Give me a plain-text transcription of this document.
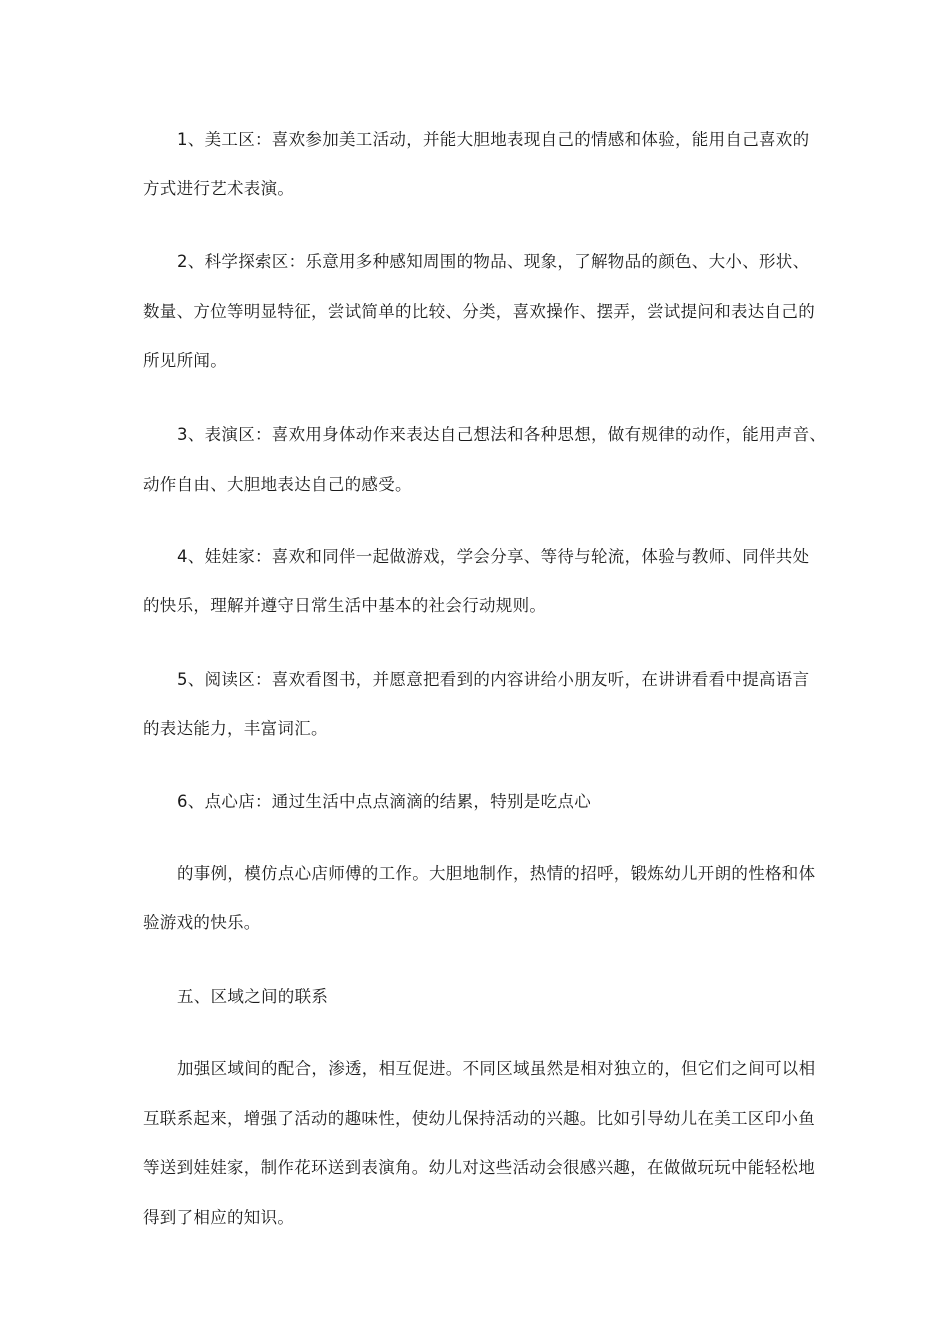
1、美工区：喜欢参加美工活动，并能大胆地表现自己的情感和体验，能用自己喜欢的
方式进行艺术表演。
2、科学探索区：乐意用多种感知周围的物品、现象，了解物品的颜色、大小、形状、
数量、方位等明显特征，尝试简单的比较、分类，喜欢操作、摆弄，尝试提问和表达自己的
所见所闻。
3、表演区：喜欢用身体动作来表达自己想法和各种思想，做有规律的动作，能用声音、
动作自由、大胆地表达自己的感受。
4、娃娃家：喜欢和同伴一起做游戏，学会分享、等待与轮流，体验与教师、同伴共处
的快乐，理解并遵守日常生活中基本的社会行动规则。
5、阅读区：喜欢看图书，并愿意把看到的内容讲给小朋友听，在讲讲看看中提高语言
的表达能力，丰富词汇。
6、点心店：通过生活中点点滴滴的结累，特别是吃点心
的事例，模仿点心店师傅的工作。大胆地制作，热情的招呼，锻炼幼儿开朗的性格和体
验游戏的快乐。
五、区域之间的联系
加强区域间的配合，渗透，相互促进。不同区域虽然是相对独立的，但它们之间可以相
互联系起来，增强了活动的趣味性，使幼儿保持活动的兴趣。比如引导幼儿在美工区印小鱼
等送到娃娃家，制作花环送到表演角。幼儿对这些活动会很感兴趣，在做做玩玩中能轻松地
得到了相应的知识。
